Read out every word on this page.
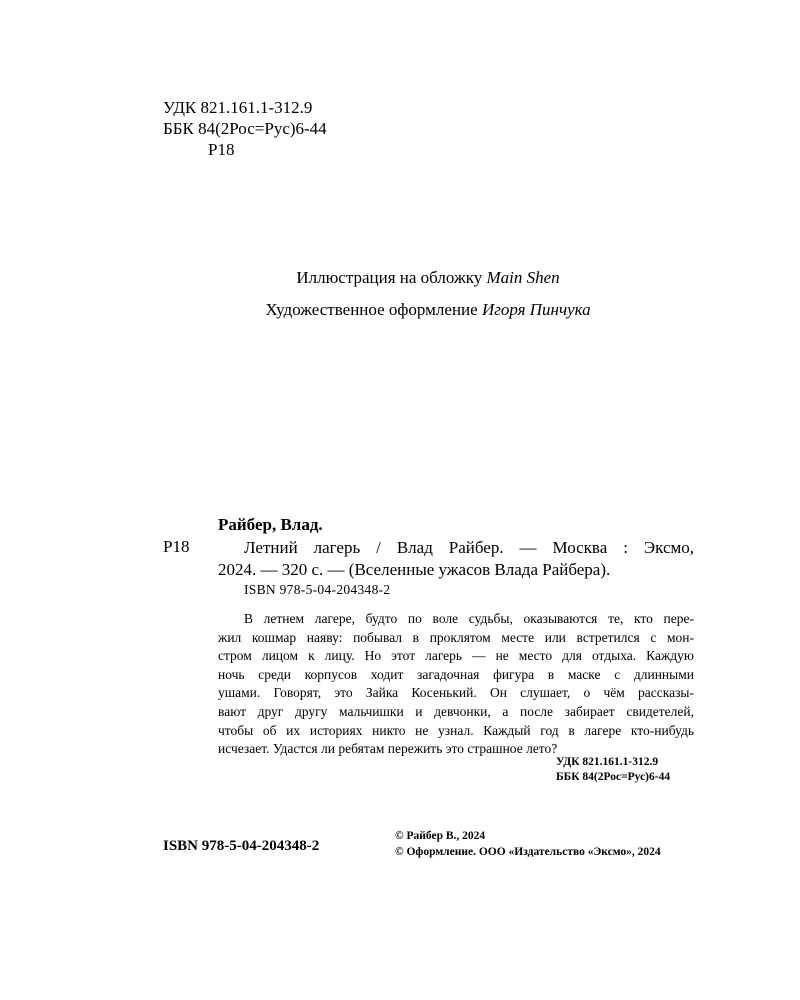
УДК 821.161.1-312.9
ББК 84(2Рос=Рус)6-44
Р18
Иллюстрация на обложку Main Shen
Художественное оформление Игоря Пинчука
Райбер, Влад.
Р18	Летний лагерь / Влад Райбер. — Москва : Эксмо,
2024. — 320 с. — (Вселенные ужасов Влада Райбера).
ISBN 978-5-04-204348-2
В летнем лагере, будто по воле судьбы, оказываются те, кто пере-
жил кошмар наяву: побывал в проклятом месте или встретился с мон-
стром лицом к лицу. Но этот лагерь — не место для отдыха. Каждую
ночь среди корпусов ходит загадочная фигура в маске с длинными
ушами. Говорят, это Зайка Косенький. Он слушает, о чём рассказы-
вают друг другу мальчишки и девчонки, а после забирает свидетелей,
чтобы об их историях никто не узнал. Каждый год в лагере кто-нибудь
исчезает. Удастся ли ребятам пережить это страшное лето?
УДК 821.161.1-312.9
ББК 84(2Рос=Рус)6-44
ISBN 978-5-04-204348-2
© Райбер В., 2024
© Оформление. ООО «Издательство «Эксмо», 2024
